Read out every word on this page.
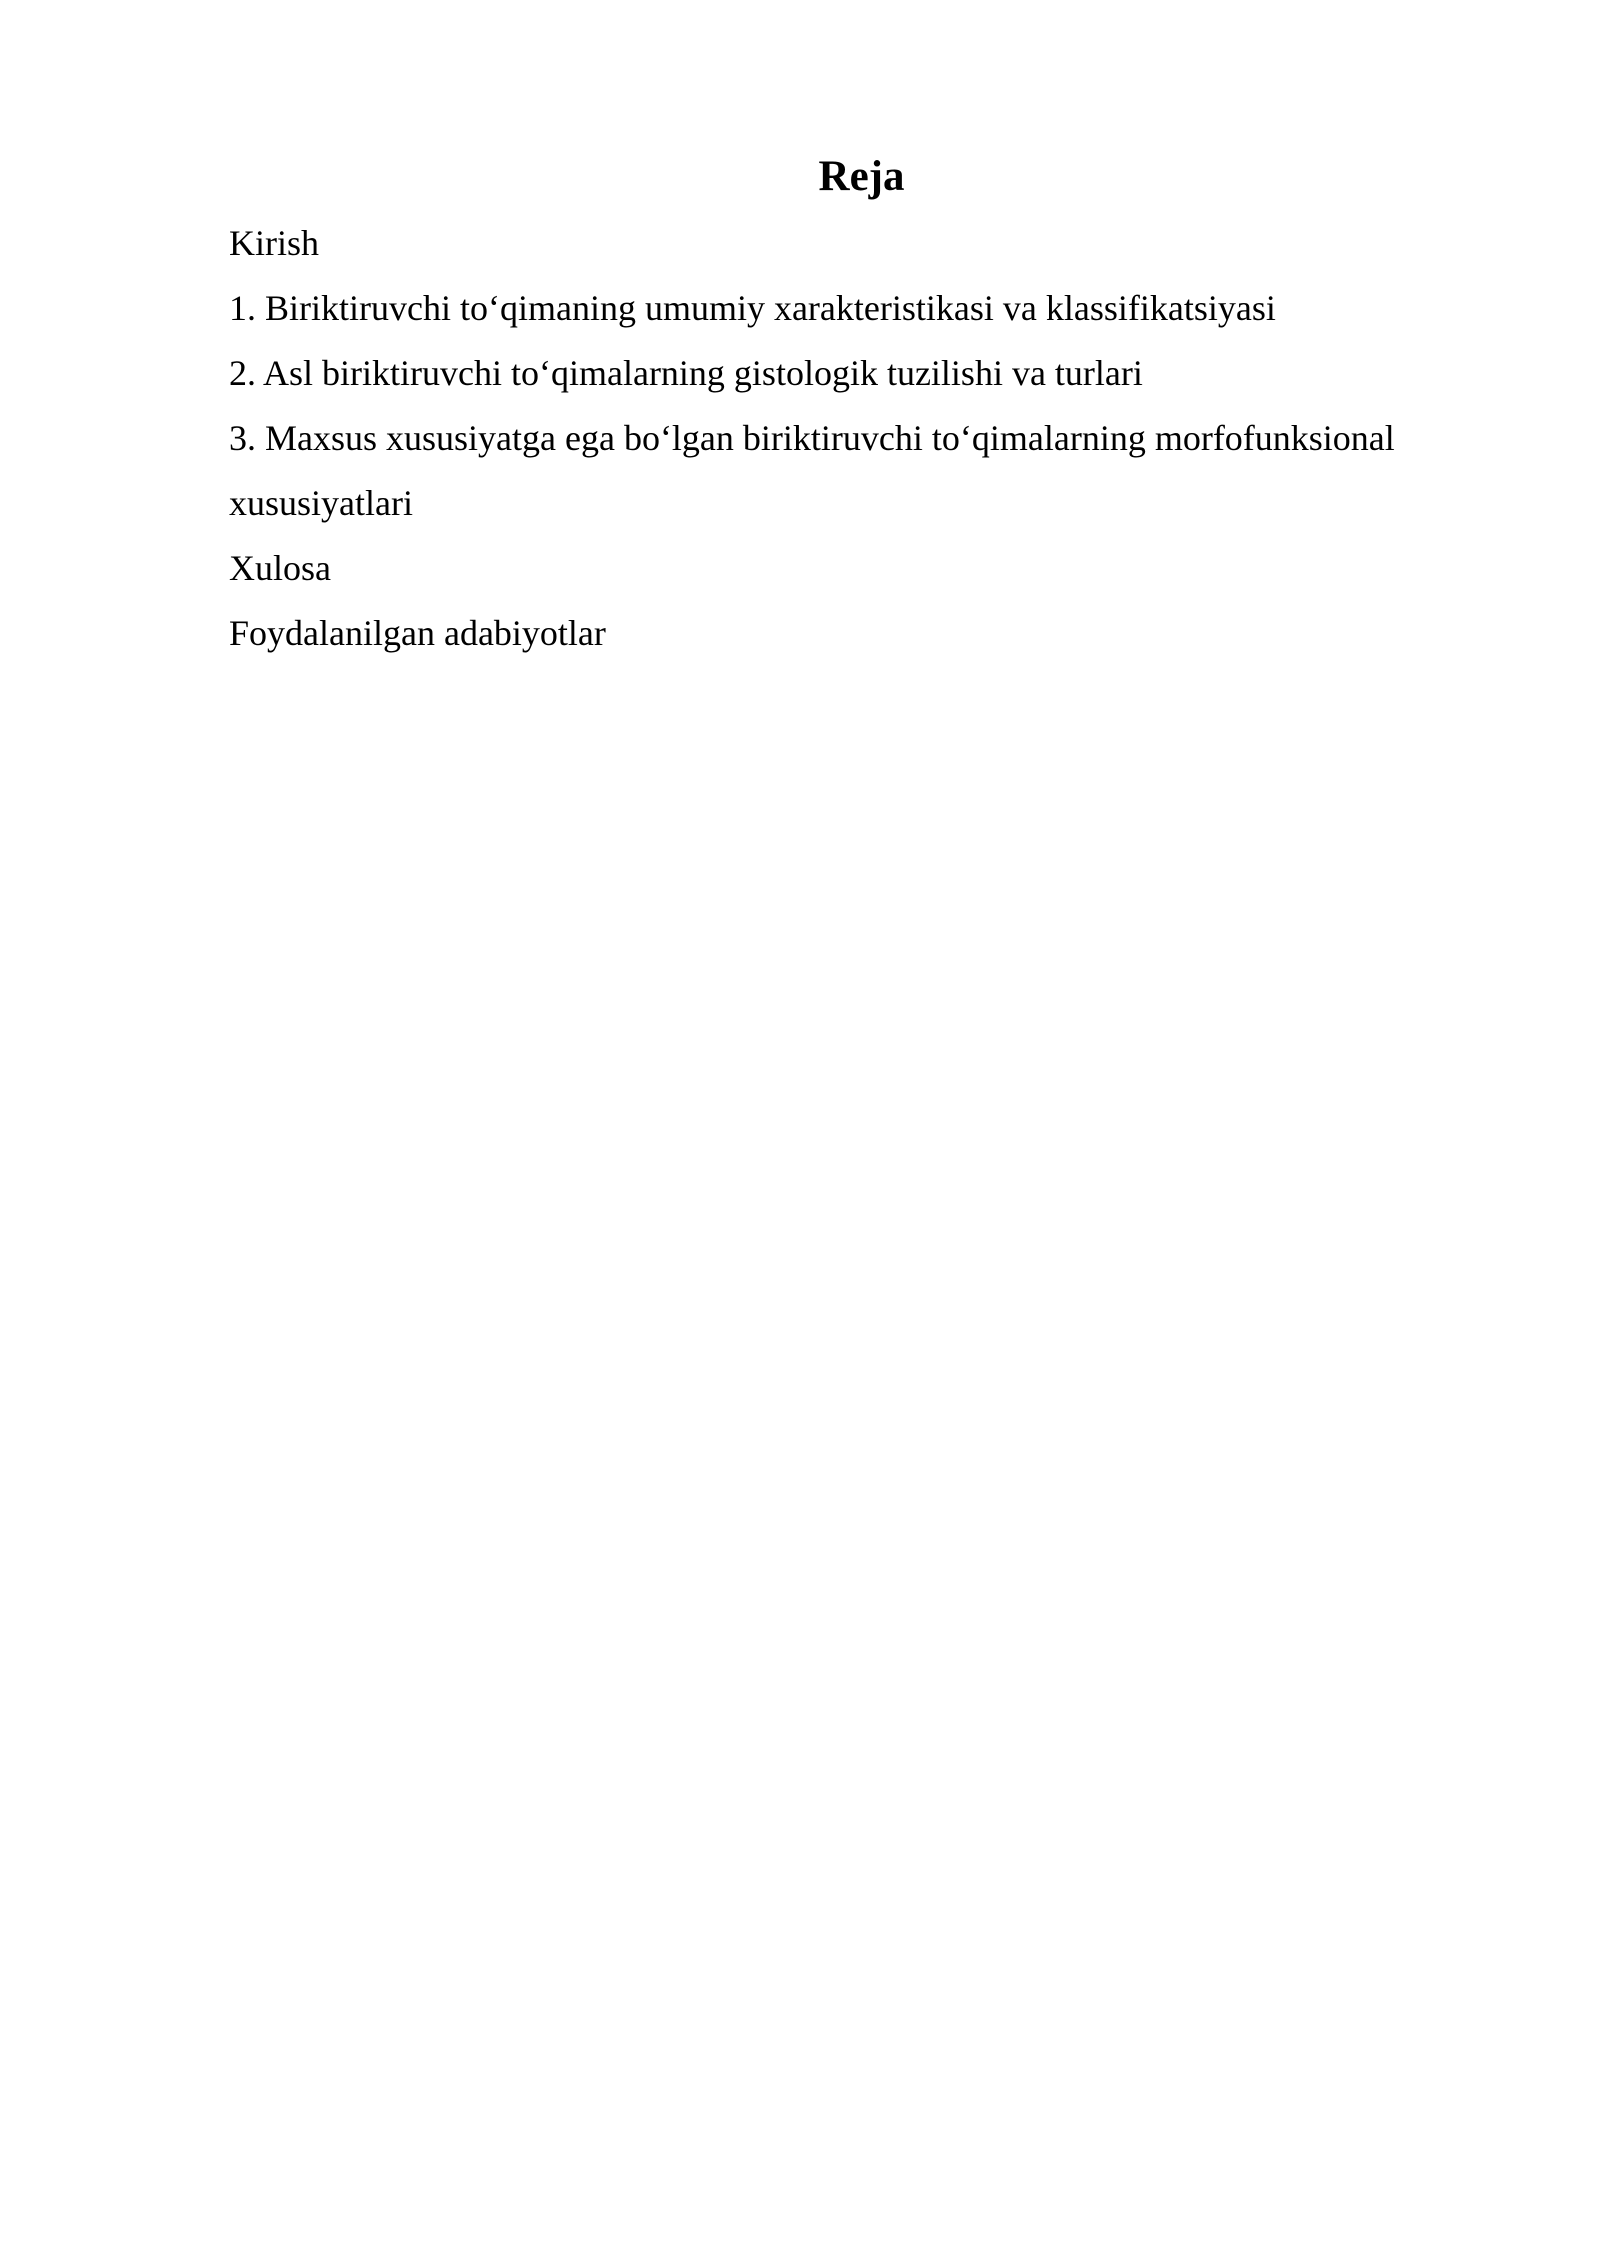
Reja
Kirish
1. Biriktiruvchi to‘qimaning umumiy xarakteristikasi va klassifikatsiyasi
2. Asl biriktiruvchi to‘qimalarning gistologik tuzilishi va turlari
3. Maxsus xususiyatga ega bo‘lgan biriktiruvchi to‘qimalarning morfofunksional xususiyatlari
Xulosa
Foydalanilgan adabiyotlar
